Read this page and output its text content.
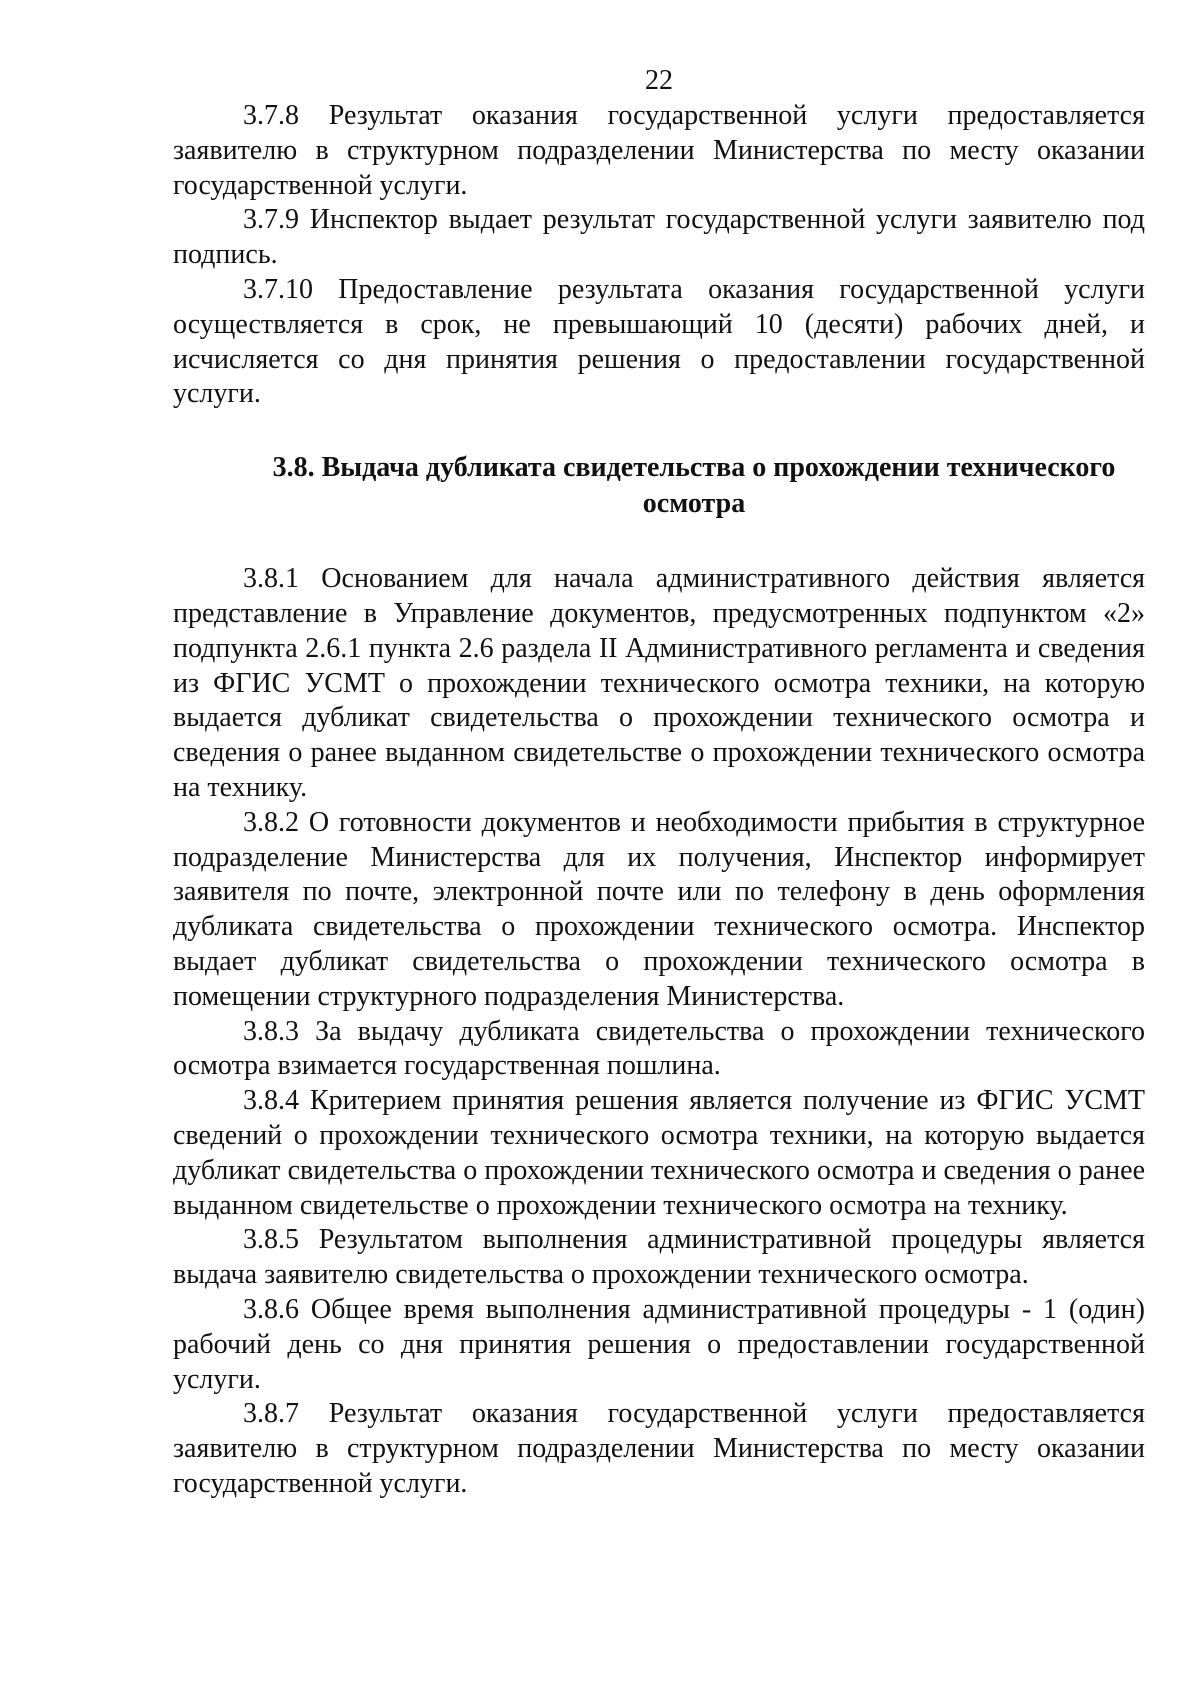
22

3.7.8 Результат оказания государственной услуги предоставляется заявителю в структурном подразделении Министерства по месту оказании государственной услуги.

3.7.9 Инспектор выдает результат государственной услуги заявителю под подпись.

3.7.10 Предоставление результата оказания государственной услуги осуществляется в срок, не превышающий 10 (десяти) рабочих дней, и исчисляется со дня принятия решения о предоставлении государственной услуги.

3.8. Выдача дубликата свидетельства о прохождении технического осмотра

3.8.1 Основанием для начала административного действия является представление в Управление документов, предусмотренных подпунктом «2» подпункта 2.6.1 пункта 2.6 раздела II Административного регламента и сведения из ФГИС УСМТ о прохождении технического осмотра техники, на которую выдается дубликат свидетельства о прохождении технического осмотра и сведения о ранее выданном свидетельстве о прохождении технического осмотра на технику.

3.8.2 О готовности документов и необходимости прибытия в структурное подразделение Министерства для их получения, Инспектор информирует заявителя по почте, электронной почте или по телефону в день оформления дубликата свидетельства о прохождении технического осмотра. Инспектор выдает дубликат свидетельства о прохождении технического осмотра в помещении структурного подразделения Министерства.

3.8.3 За выдачу дубликата свидетельства о прохождении технического осмотра взимается государственная пошлина.

3.8.4 Критерием принятия решения является получение из ФГИС УСМТ сведений о прохождении технического осмотра техники, на которую выдается дубликат свидетельства о прохождении технического осмотра и сведения о ранее выданном свидетельстве о прохождении технического осмотра на технику.

3.8.5 Результатом выполнения административной процедуры является выдача заявителю свидетельства о прохождении технического осмотра.

3.8.6 Общее время выполнения административной процедуры - 1 (один) рабочий день со дня принятия решения о предоставлении государственной услуги.

3.8.7 Результат оказания государственной услуги предоставляется заявителю в структурном подразделении Министерства по месту оказании государственной услуги.
